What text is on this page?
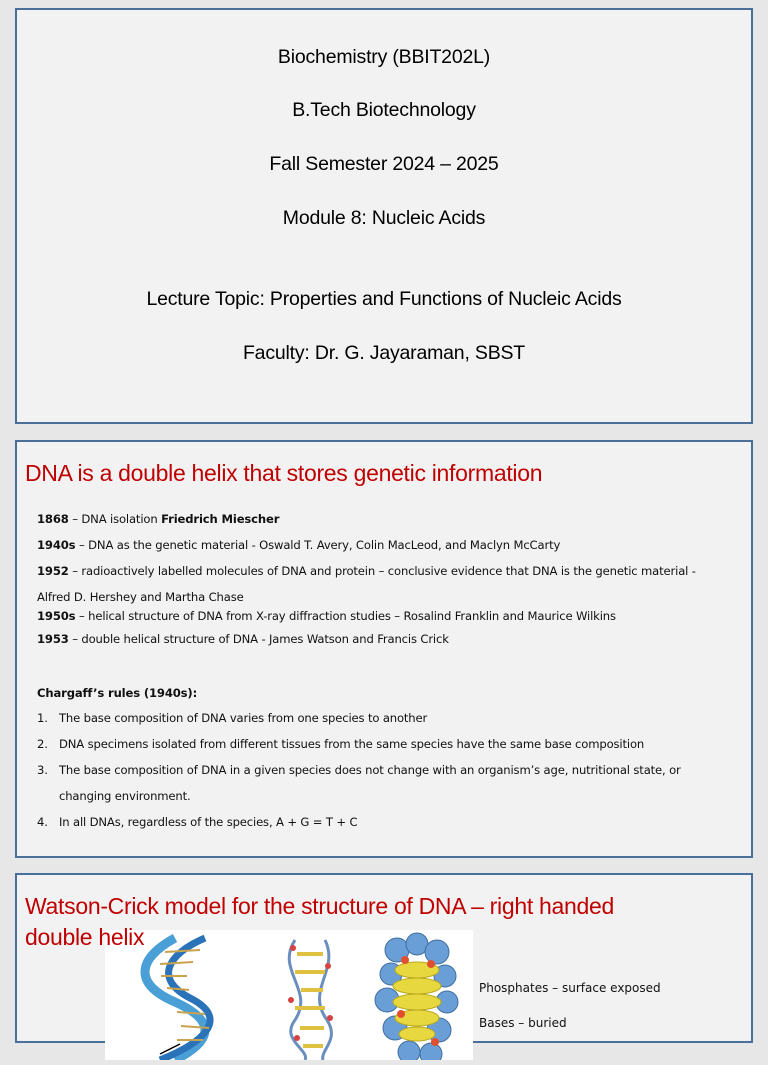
Biochemistry (BBIT202L)
B.Tech Biotechnology
Fall Semester 2024 – 2025
Module 8: Nucleic Acids
Lecture Topic: Properties and Functions of Nucleic Acids
Faculty: Dr. G. Jayaraman, SBST
DNA is a double helix that stores genetic information
1868 – DNA isolation Friedrich Miescher
1940s – DNA as the genetic material - Oswald T. Avery, Colin MacLeod, and Maclyn McCarty
1952 – radioactively labelled molecules of DNA and protein – conclusive evidence that DNA is the genetic material -
Alfred D. Hershey and Martha Chase
1950s – helical structure of DNA from X-ray diffraction studies – Rosalind Franklin and Maurice Wilkins
1953 – double helical structure of DNA - James Watson and Francis Crick
Chargaff’s rules (1940s):
1. The base composition of DNA varies from one species to another
2. DNA specimens isolated from different tissues from the same species have the same base composition
3. The base composition of DNA in a given species does not change with an organism’s age, nutritional state, or
changing environment.
4. In all DNAs, regardless of the species, A + G = T + C
Watson-Crick model for the structure of DNA – right handed
double helix
Phosphates – surface exposed
Bases – buried
